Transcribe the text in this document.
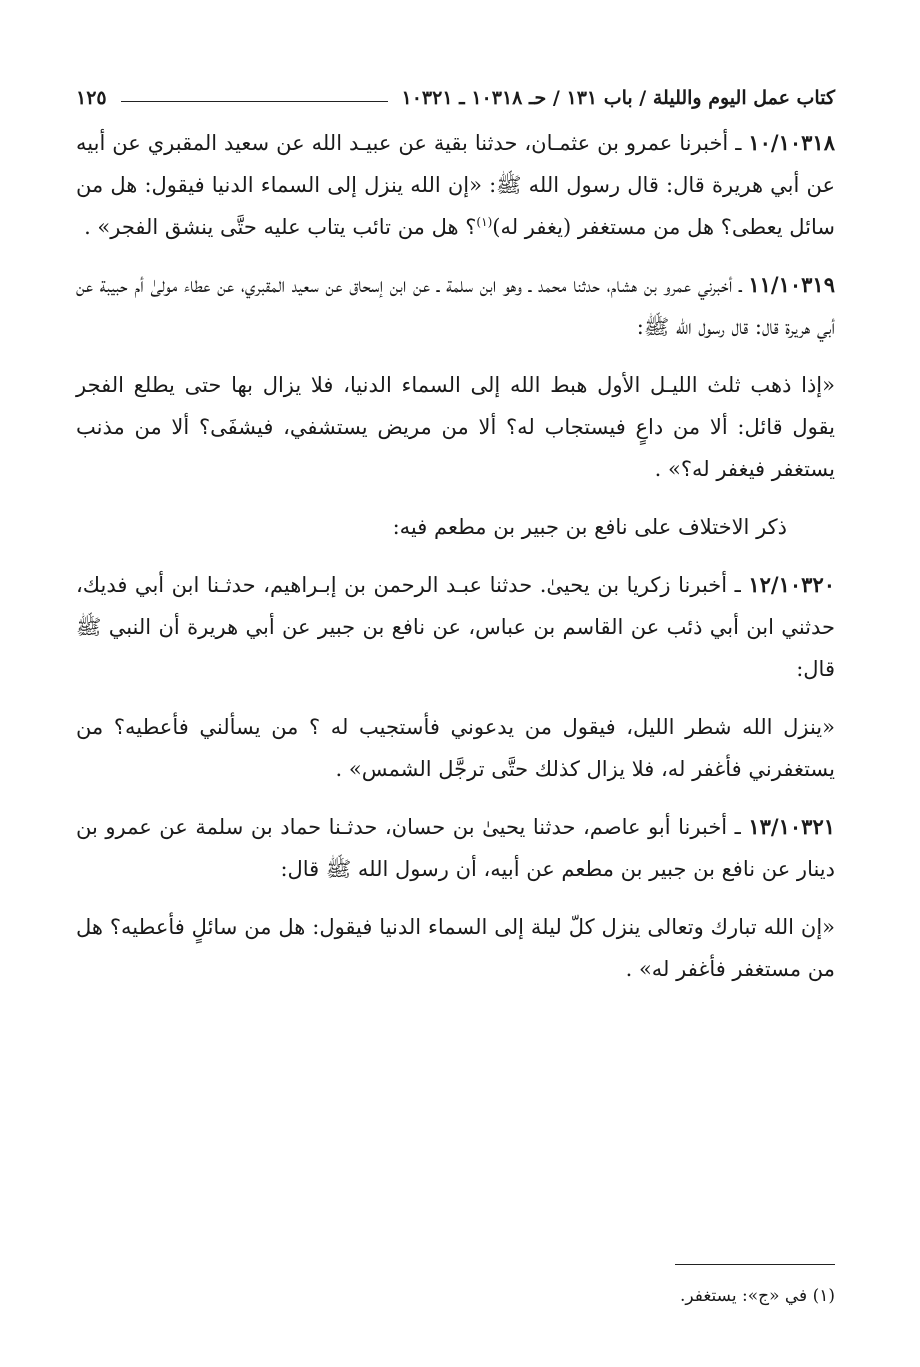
كتاب عمل اليوم والليلة / باب ١٣١ / حـ ١٠٣١٨ ـ ١٠٣٢١
١٢٥

١٠/١٠٣١٨ ـ أخبرنا عمرو بن عثمـان، حدثنا بقية عن عبيـد الله عن سعيد المقبري عن أبيه عن أبي هريرة قال: قال رسول الله ﷺ: «إن الله ينزل إلى السماء الدنيا فيقول: هل من سائل يعطى؟ هل من مستغفر (يغفر له)$^{(١)}$؟ هل من تائب يتاب عليه حتَّى ينشق الفجر» .

١١/١٠٣١٩ ـ أخبرني عمرو بن هشام، حدثنا محمد ـ وهو ابن سلمة ـ عن ابن إسحاق عن سعيد المقبري، عن عطاء مولىٰ أم حبيبة عن أبي هريرة قال: قال رسول الله ﷺ:

«إذا ذهب ثلث الليـل الأول هبط الله إلى السماء الدنيا، فلا يزال بها حتى يطلع الفجر يقول قائل: ألا من داعٍ فيستجاب له؟ ألا من مريض يستشفي، فيشفَى؟ ألا من مذنب يستغفر فيغفر له؟» .

ذكر الاختلاف على نافع بن جبير بن مطعم فيه:

١٢/١٠٣٢٠ ـ أخبرنا زكريا بن يحيىٰ. حدثنا عبـد الرحمن بن إبـراهيم، حدثـنا ابن أبي فديك، حدثني ابن أبي ذئب عن القاسم بن عباس، عن نافع بن جبير عن أبي هريرة أن النبي ﷺ قال:

«ينزل الله شطر الليل، فيقول من يدعوني فأستجيب له ؟ من يسألني فأعطيه؟ من يستغفرني فأغفر له، فلا يزال كذلك حتَّى ترجَّل الشمس» .

١٣/١٠٣٢١ ـ أخبرنا أبو عاصم، حدثنا يحيىٰ بن حسان، حدثـنا حماد بن سلمة عن عمرو بن دينار عن نافع بن جبير بن مطعم عن أبيه، أن رسول الله ﷺ قال:

«إن الله تبارك وتعالى ينزل كلّ ليلة إلى السماء الدنيا فيقول: هل من سائلٍ فأعطيه؟ هل من مستغفر فأغفر له» .

(١) في «ج»: يستغفر.
